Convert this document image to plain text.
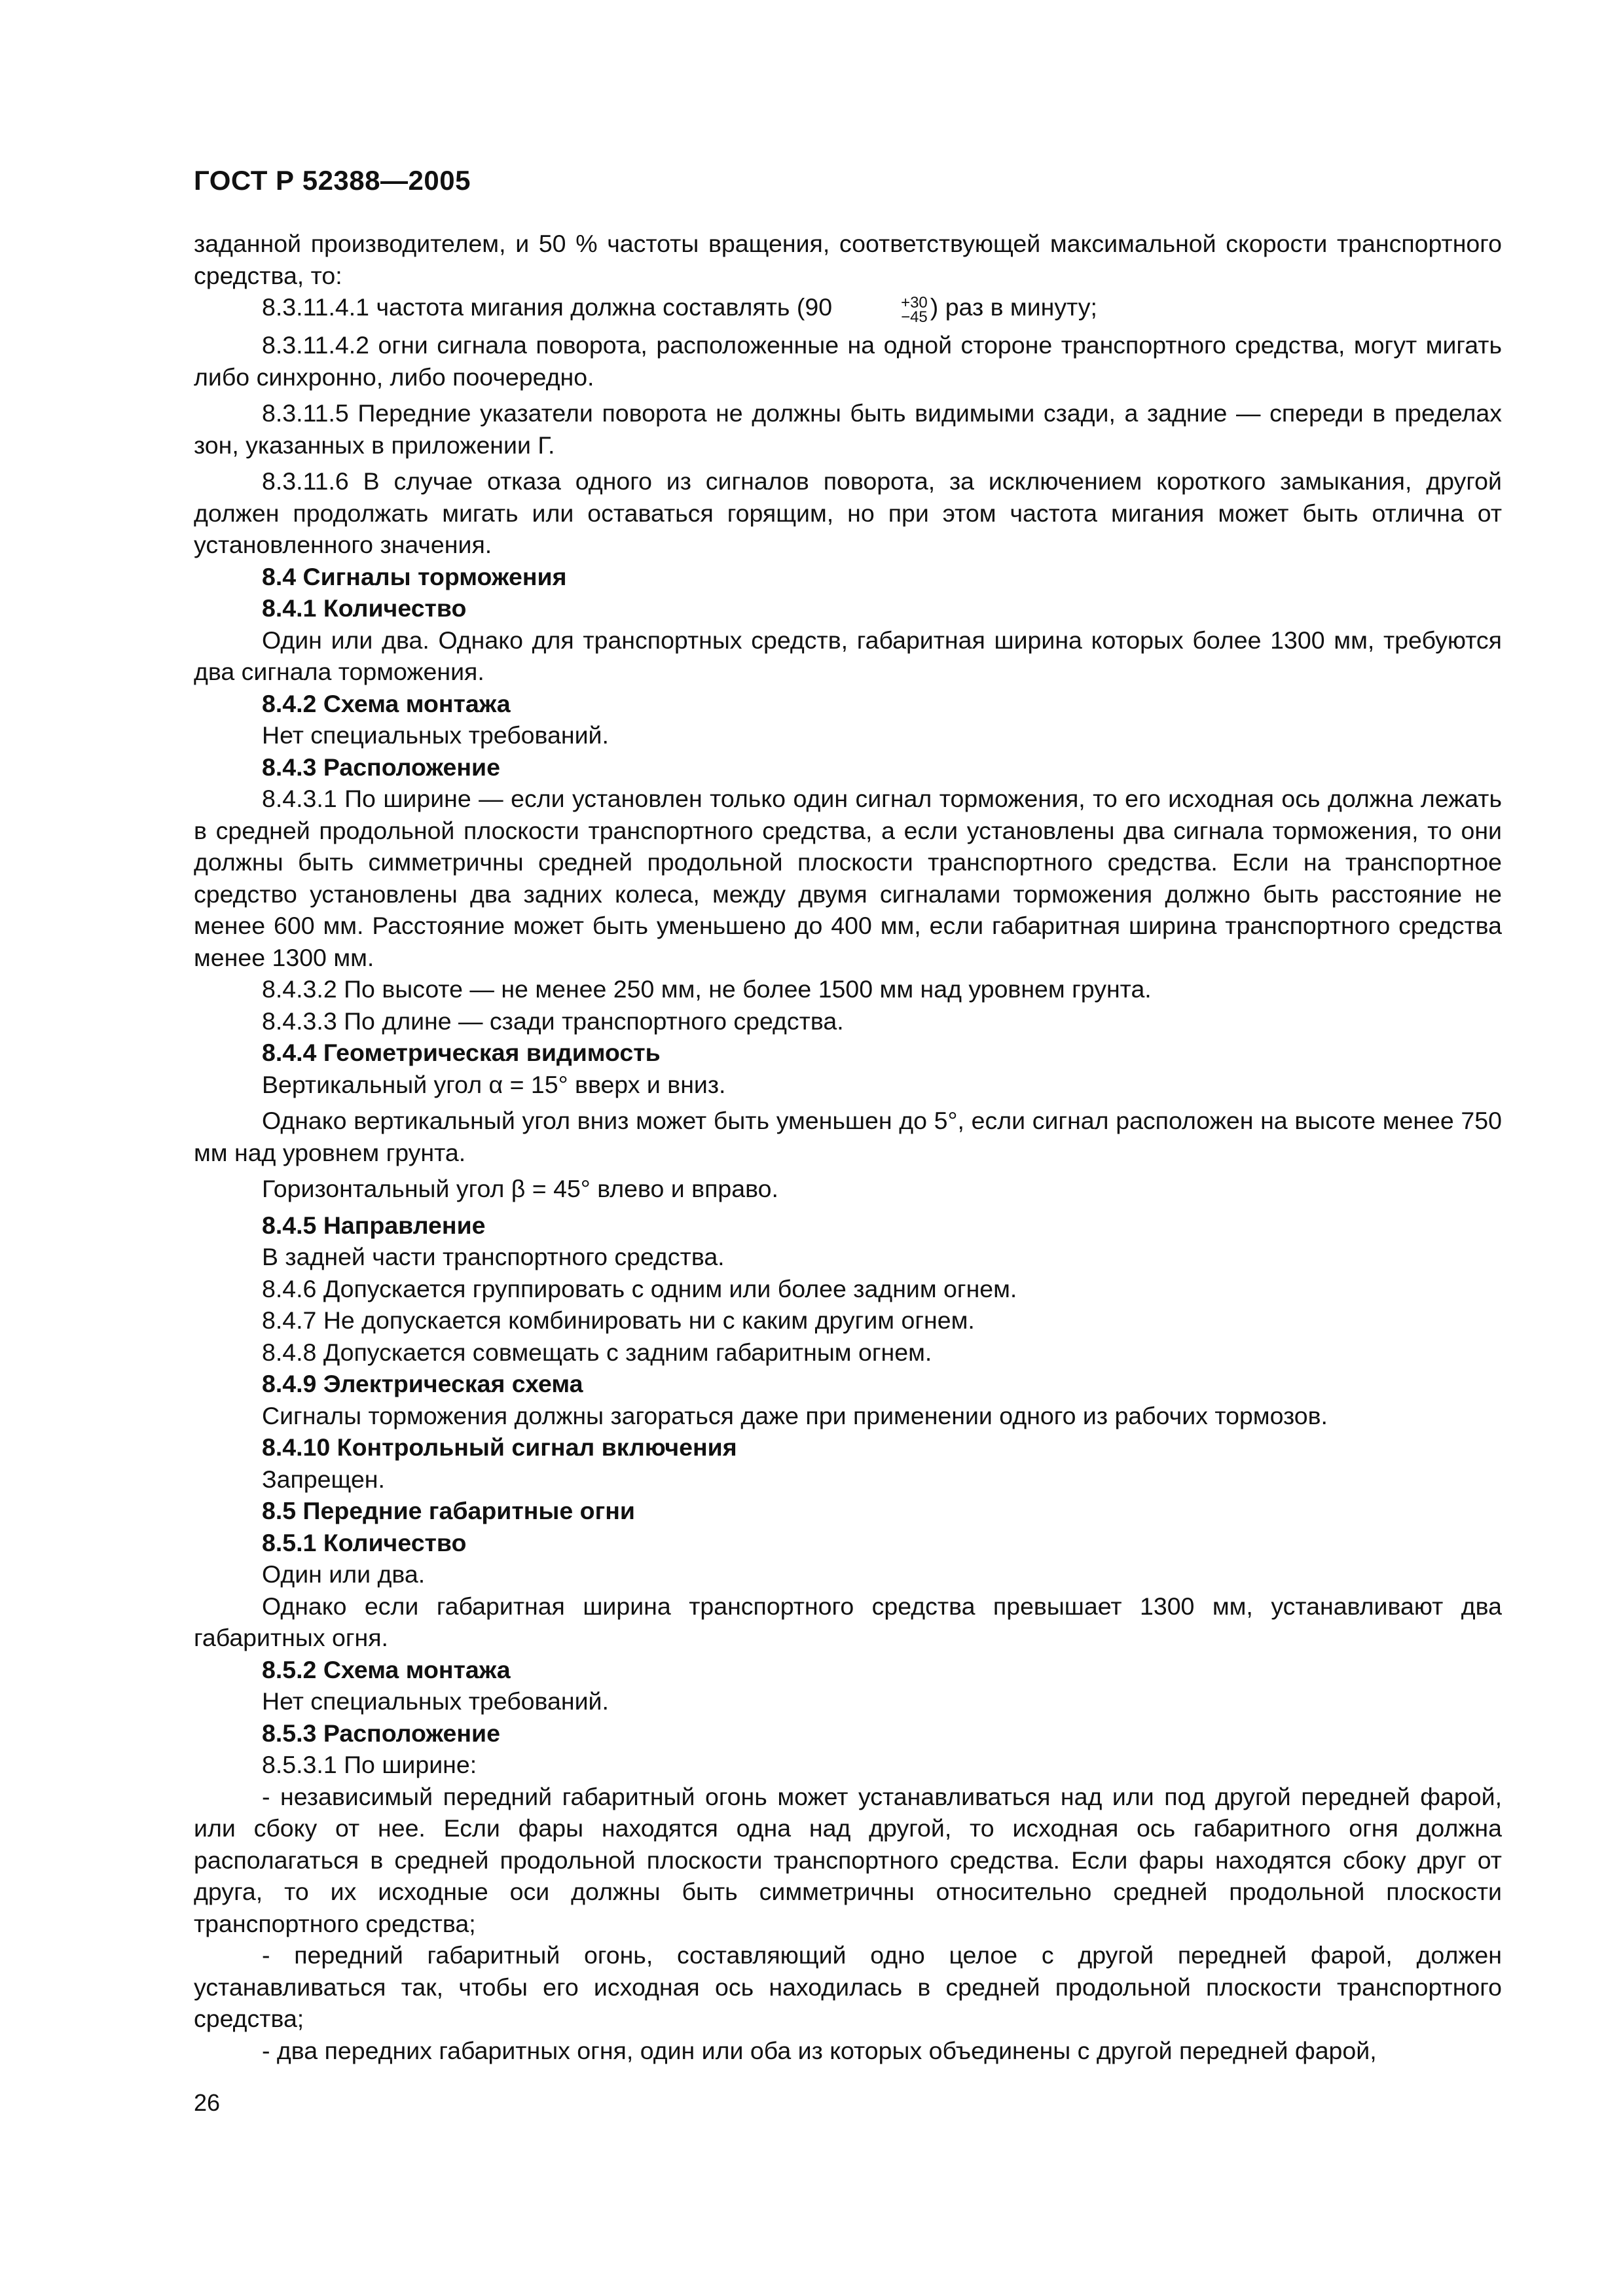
ГОСТ Р 52388—2005

заданной производителем, и 50 % частоты вращения, соответствующей максимальной скорости транспортного средства, то:

8.3.11.4.1 частота мигания должна составлять (90	$^{+30 -45}$ ) раз в минуту;

8.3.11.4.2 огни сигнала поворота, расположенные на одной стороне транспортного средства, могут мигать либо синхронно, либо поочередно.

8.3.11.5 Передние указатели поворота не должны быть видимыми сзади, а задние — спереди в пределах зон, указанных в приложении Г.

8.3.11.6 В случае отказа одного из сигналов поворота, за исключением короткого замыкания, другой должен продолжать мигать или оставаться горящим, но при этом частота мигания может быть отлична от установленного значения.

8.4 Сигналы торможения

8.4.1 Количество

Один или два. Однако для транспортных средств, габаритная ширина которых более 1300 мм, требуются два сигнала торможения.

8.4.2 Схема монтажа

Нет специальных требований.

8.4.3 Расположение

8.4.3.1 По ширине — если установлен только один сигнал торможения, то его исходная ось должна лежать в средней продольной плоскости транспортного средства, а если установлены два сигнала торможения, то они должны быть симметричны средней продольной плоскости транспортного средства. Если на транспортное средство установлены два задних колеса, между двумя сигналами торможения должно быть расстояние не менее 600 мм. Расстояние может быть уменьшено до 400 мм, если габаритная ширина транспортного средства менее 1300 мм.

8.4.3.2 По высоте — не менее 250 мм, не более 1500 мм над уровнем грунта.

8.4.3.3 По длине — сзади транспортного средства.

8.4.4 Геометрическая видимость

Вертикальный угол α = 15° вверх и вниз.

Однако вертикальный угол вниз может быть уменьшен до 5°, если сигнал расположен на высоте менее 750 мм над уровнем грунта.

Горизонтальный угол β = 45° влево и вправо.

8.4.5 Направление

В задней части транспортного средства.

8.4.6 Допускается группировать с одним или более задним огнем.

8.4.7 Не допускается комбинировать ни с каким другим огнем.

8.4.8 Допускается совмещать с задним габаритным огнем.

8.4.9 Электрическая схема

Сигналы торможения должны загораться даже при применении одного из рабочих тормозов.

8.4.10 Контрольный сигнал включения

Запрещен.

8.5 Передние габаритные огни

8.5.1 Количество

Один или два.

Однако если габаритная ширина транспортного средства превышает 1300 мм, устанавливают два габаритных огня.

8.5.2 Схема монтажа

Нет специальных требований.

8.5.3 Расположение

8.5.3.1 По ширине:

- независимый передний габаритный огонь может устанавливаться над или под другой передней фарой, или сбоку от нее. Если фары находятся одна над другой, то исходная ось габаритного огня должна располагаться в средней продольной плоскости транспортного средства. Если фары находятся сбоку друг от друга, то их исходные оси должны быть симметричны относительно средней продольной плоскости транспортного средства;

- передний габаритный огонь, составляющий одно целое с другой передней фарой, должен устанавливаться так, чтобы его исходная ось находилась в средней продольной плоскости транспортного средства;

- два передних габаритных огня, один или оба из которых объединены с другой передней фарой,

26
